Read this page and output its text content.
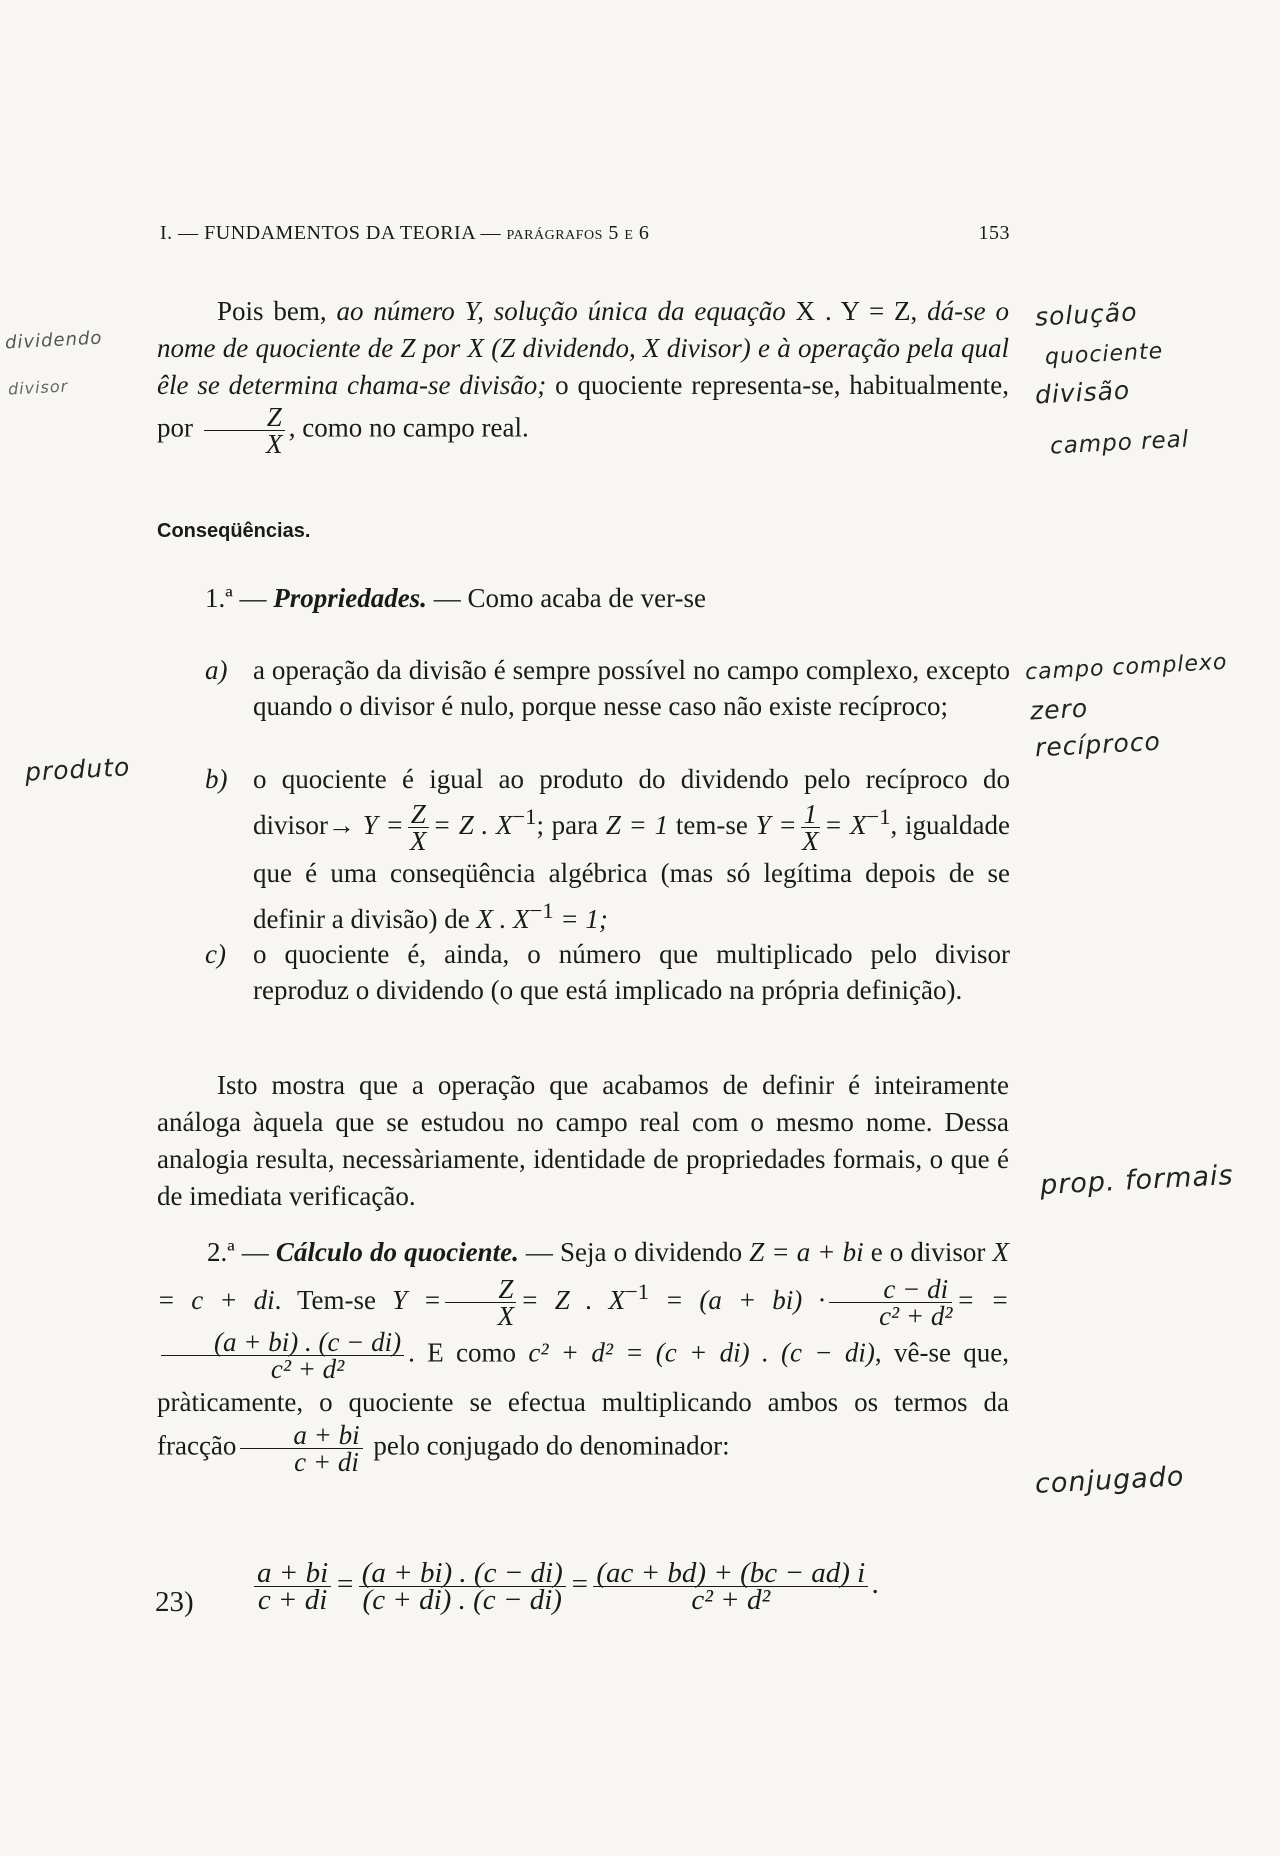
I. — FUNDAMENTOS DA TEORIA — parágrafos 5 e 6	153
Pois bem, ao número Y, solução única da equação X . Y = Z, dá-se o nome de quociente de Z por X (Z dividendo, X divisor) e à operação pela qual êle se determina chama-se divisão; o quociente representa-se, habitualmente, por $\frac{Z}{X}$ , como no campo real.
Conseqüências.
1.ª — Propriedades. — Como acaba de ver-se
a) a operação da divisão é sempre possível no campo complexo, excepto quando o divisor é nulo, porque nesse caso não existe recíproco;
b) o quociente é igual ao produto do dividendo pelo recíproco do divisor→ $Y = \frac{Z}{X} = Z$ . $X^{-1}$; para Z = 1 tem-se $Y = \frac{1}{X} = X^{-1}$, igualdade que é uma conseqüência algébrica (mas só legítima depois de se definir a divisão) de X . $X^{-1} = 1$;
c) o quociente é, ainda, o número que multiplicado pelo divisor reproduz o dividendo (o que está implicado na própria definição).
Isto mostra que a operação que acabamos de definir é inteiramente análoga àquela que se estudou no campo real com o mesmo nome. Dessa analogia resulta, necessàriamente, identidade de propriedades formais, o que é de imediata verificação.
2.ª — Cálculo do quociente. — Seja o dividendo Z = a + bi e o divisor X = c + di. Tem-se $Y = \frac{Z}{X} = Z$ . $X^{-1} = (a + bi) \cdot \frac{c - di}{\text{c² + d²}}$ = =
$\frac{(a + bi) . (c - di)}{\text{c² + d²}}$ . E como c² + d² = (c + di) . (c − di), vê-se que, pràticamente, o quociente se efectua multiplicando ambos os termos da fracção $\frac{a + bi}{c + di}$ pelo conjugado do denominador:
$23) \frac{a + bi}{c + di} = \frac{(a + bi) . (c - di)}{(c + di) . (c - di)} = \frac{(ac + bd) + (bc - ad) i}{\text{c² + d²}}$ .
solução
quociente
divisão
campo real
dividendo
divisor
campo complexo
zero
recíproco
produto
prop. formais
conjugado
